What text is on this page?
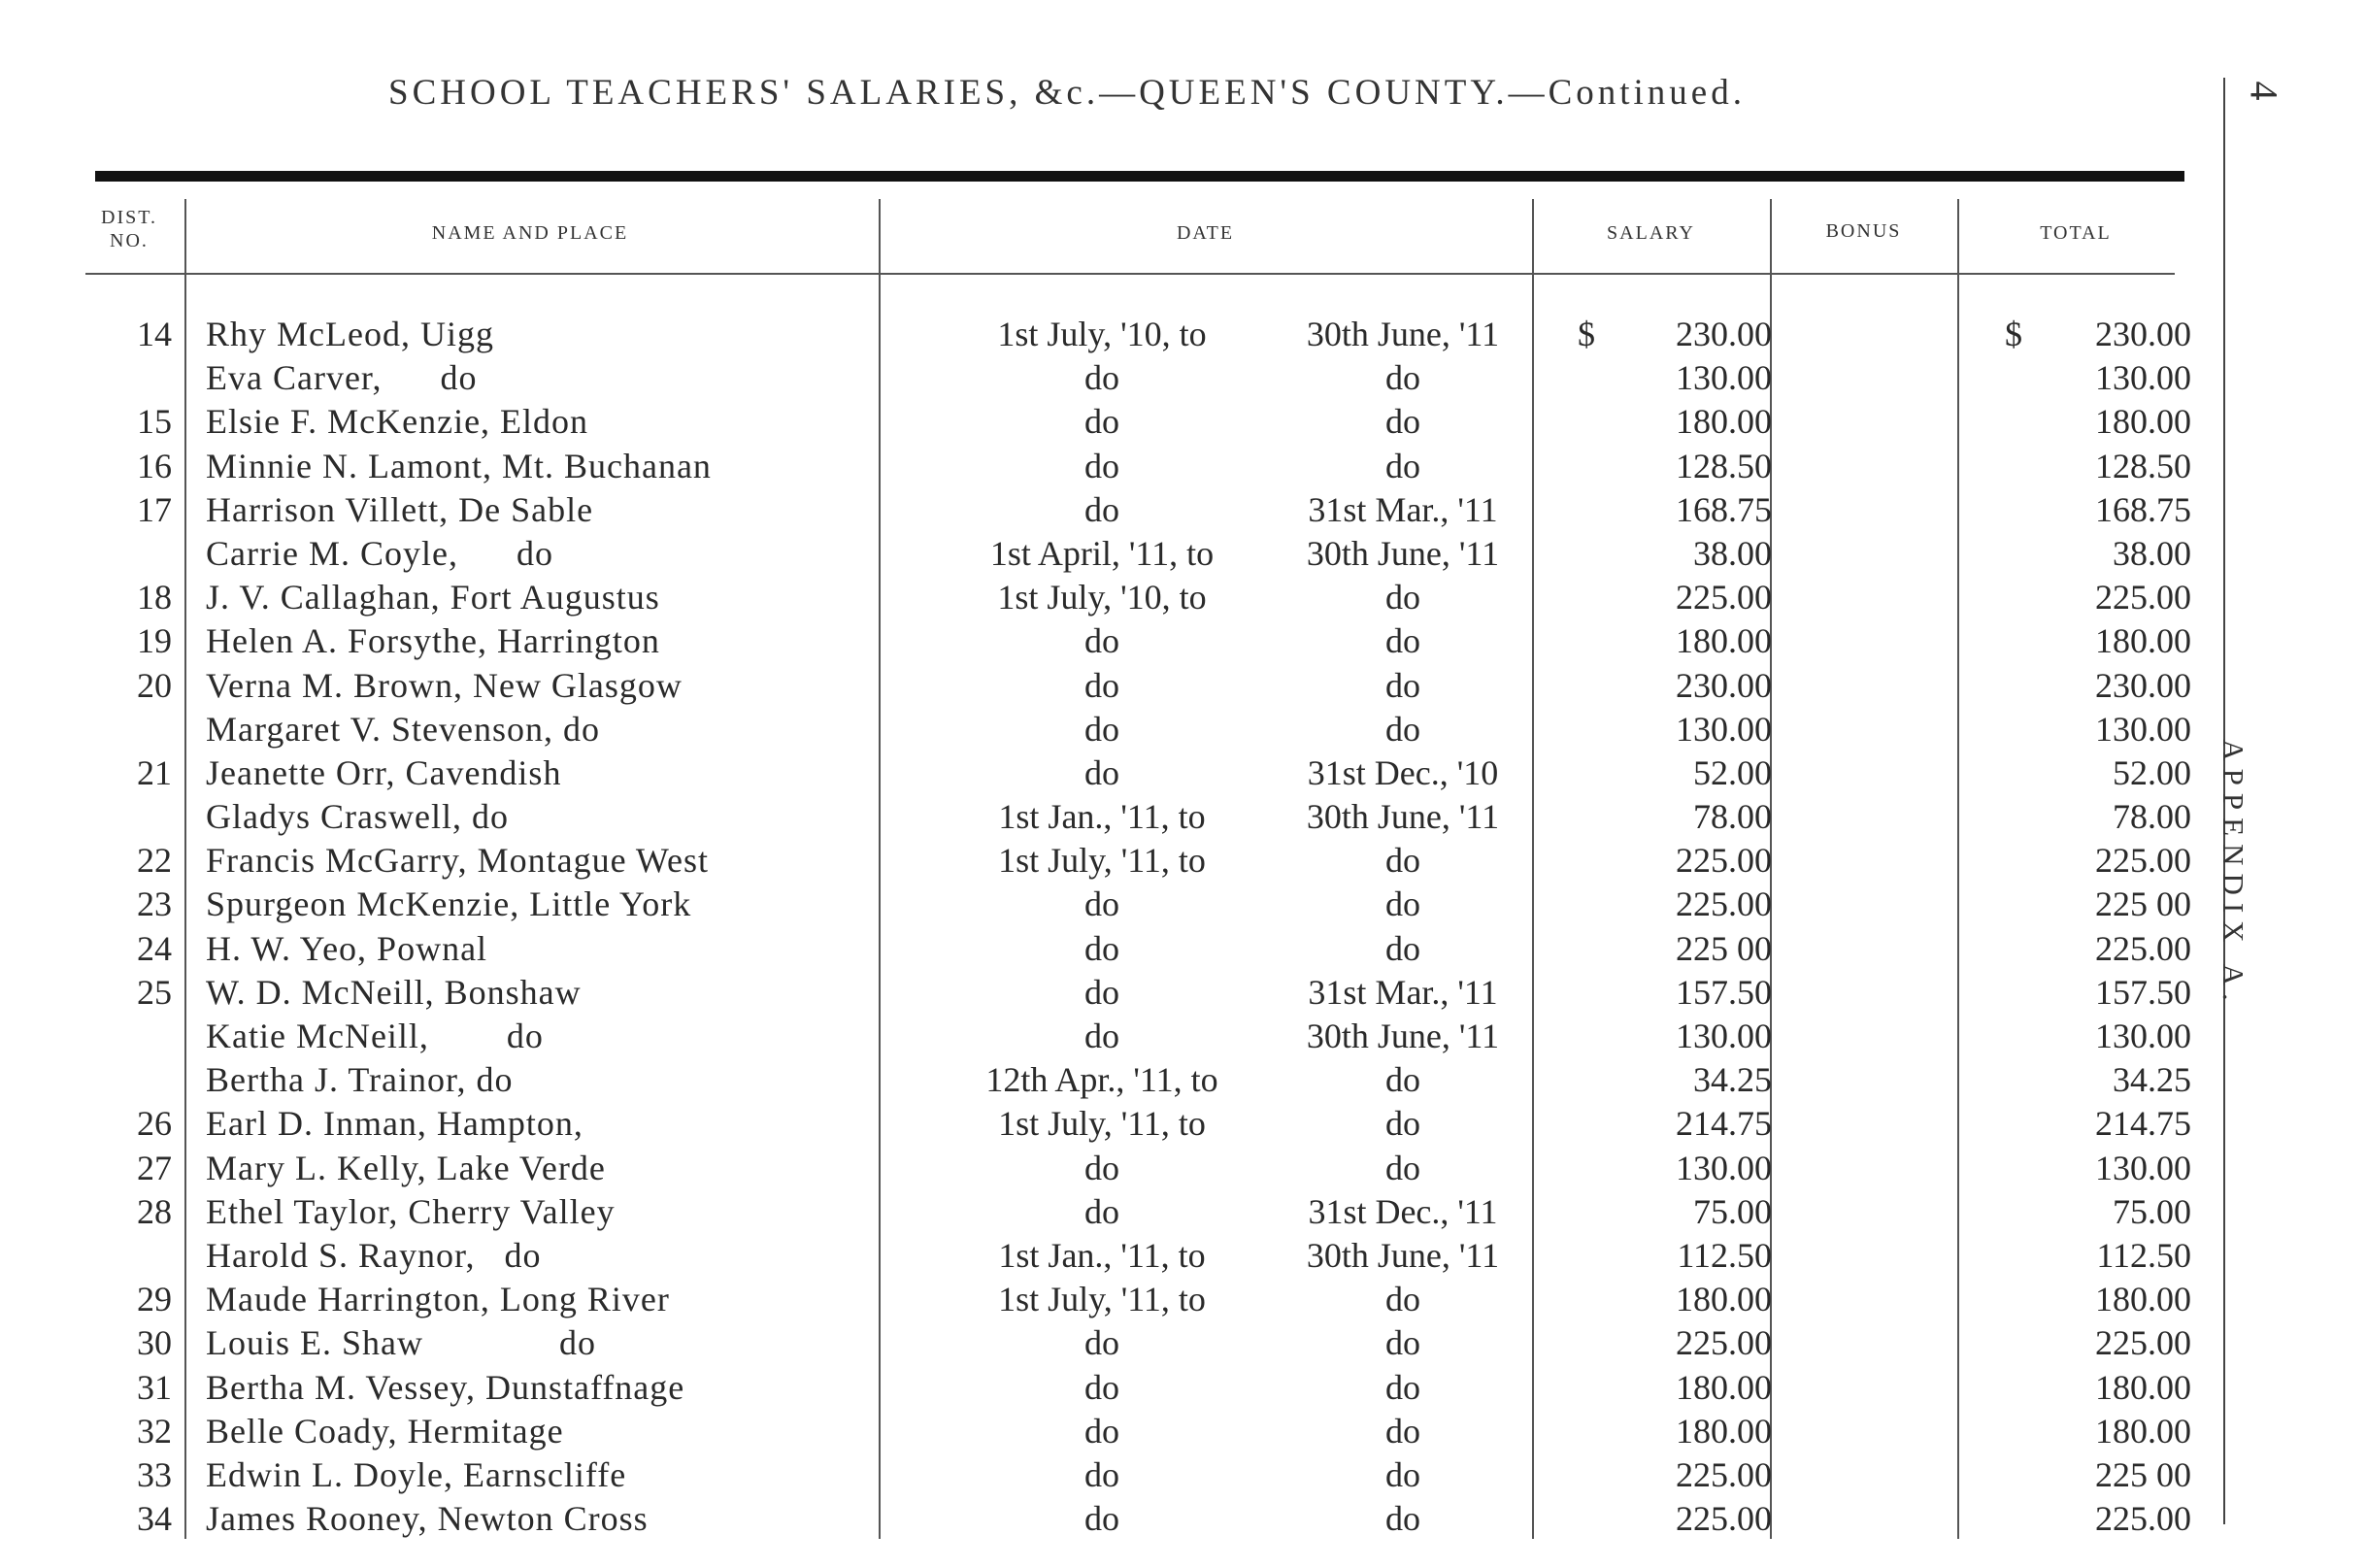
SCHOOL TEACHERS' SALARIES, &c.—QUEEN'S COUNTY.—Continued.	4
APPENDIX A.
DIST.
NO.	NAME AND PLACE	DATE	SALARY	BONUS	TOTAL
14 Rhy McLeod, Uigg	1st July, '10, to	30th June, '11	230.00	230.00
$	$
Eva Carver,      do	do	do	130.00	130.00
15 Elsie F. McKenzie, Eldon	do	do	180.00	180.00
16 Minnie N. Lamont, Mt. Buchanan	do	do	128.50	128.50
17 Harrison Villett, De Sable	do	31st Mar., '11	168.75	168.75
Carrie M. Coyle,      do	1st April, '11, to	30th June, '11	38.00	38.00
18 J. V. Callaghan, Fort Augustus	1st July, '10, to	do	225.00	225.00
19 Helen A. Forsythe, Harrington	do	do	180.00	180.00
20 Verna M. Brown, New Glasgow	do	do	230.00	230.00
Margaret V. Stevenson, do	do	do	130.00	130.00
21 Jeanette Orr, Cavendish	do	31st Dec., '10	52.00	52.00
Gladys Craswell, do	1st Jan., '11, to	30th June, '11	78.00	78.00
22 Francis McGarry, Montague West	1st July, '11, to	do	225.00	225.00
23 Spurgeon McKenzie, Little York	do	do	225.00	225 00
24 H. W. Yeo, Pownal	do	do	225 00	225.00
25 W. D. McNeill, Bonshaw	do	31st Mar., '11	157.50	157.50
Katie McNeill,        do	do	30th June, '11	130.00	130.00
Bertha J. Trainor, do	12th Apr., '11, to	do	34.25	34.25
26 Earl D. Inman, Hampton,	1st July, '11, to	do	214.75	214.75
27 Mary L. Kelly, Lake Verde	do	do	130.00	130.00
28 Ethel Taylor, Cherry Valley	do	31st Dec., '11	75.00	75.00
Harold S. Raynor,   do	1st Jan., '11, to	30th June, '11	112.50	112.50
29 Maude Harrington, Long River	1st July, '11, to	do	180.00	180.00
30 Louis E. Shaw              do	do	do	225.00	225.00
31 Bertha M. Vessey, Dunstaffnage	do	do	180.00	180.00
32 Belle Coady, Hermitage	do	do	180.00	180.00
33 Edwin L. Doyle, Earnscliffe	do	do	225.00	225 00
34 James Rooney, Newton Cross	do	do	225.00	225.00
